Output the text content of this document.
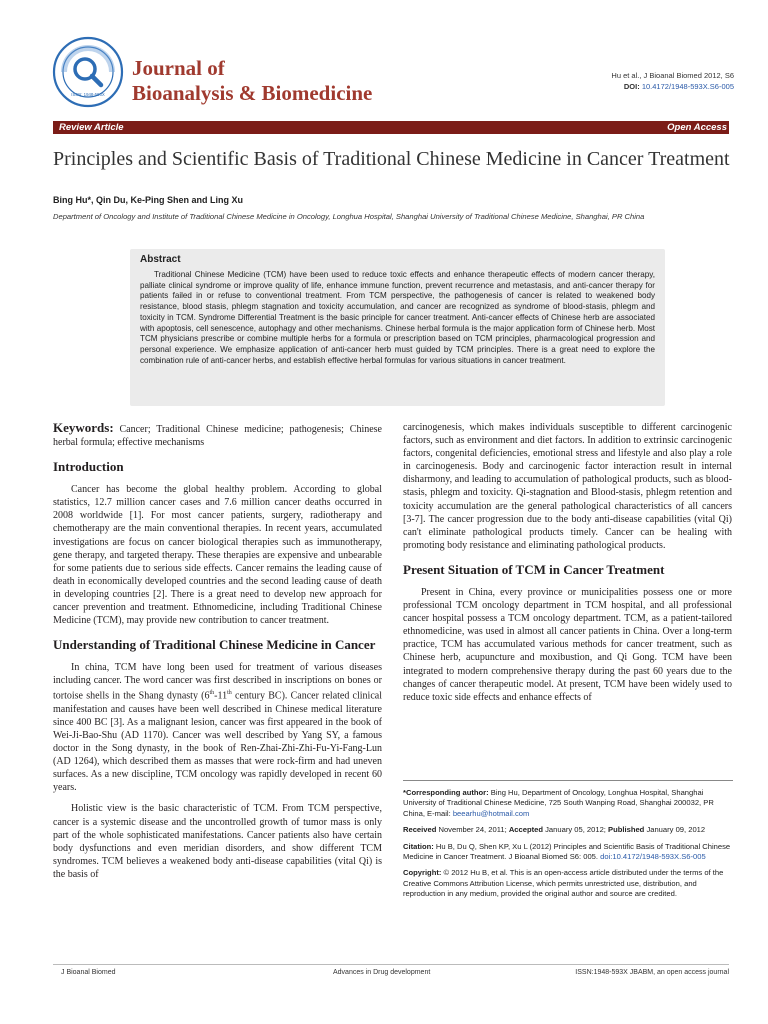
ISSN: 1948-593X
Journal of
Bioanalysis & Biomedicine
Hu et al., J Bioanal Biomed 2012, S6
DOI: 10.4172/1948-593X.S6-005
Review Article	Open Access
Principles and Scientific Basis of Traditional Chinese Medicine in Cancer Treatment
Bing Hu*, Qin Du, Ke-Ping Shen and Ling Xu
Department of Oncology and Institute of Traditional Chinese Medicine in Oncology, Longhua Hospital, Shanghai University of Traditional Chinese Medicine, Shanghai, PR China
Abstract

Traditional Chinese Medicine (TCM) have been used to reduce toxic effects and enhance therapeutic effects of modern cancer therapy, palliate clinical syndrome or improve quality of life, enhance immune function, prevent recurrence and metastasis, and anti-cancer therapy for patients failed in or refuse to conventional treatment. From TCM perspective, the pathogenesis of cancer is related to weakened body resistance, blood stasis, phlegm stagnation and toxicity accumulation, and cancer are recognized as syndrome of blood-stasis, phlegm and toxicity in TCM. Syndrome Differential Treatment is the basic principle for cancer treatment. Anti-cancer effects of Chinese herb are associated with apoptosis, cell senescence, autophagy and other mechanisms. Chinese herbal formula is the major application form of Chinese herb. Most TCM physicians prescribe or combine multiple herbs for a formula or prescription based on TCM principles, pharmacological progression and personal experience. We emphasize application of anti-cancer herb must guided by TCM principles. There is a great need to explore the combination rule of anti-cancer herbs, and establish effective herbal formulas for various situations in cancer treatment.

Keywords: Cancer; Traditional Chinese medicine; pathogenesis; Chinese herbal formula; effective mechanisms

Introduction

Cancer has become the global healthy problem. According to global statistics, 12.7 million cancer cases and 7.6 million cancer deaths occurred in 2008 worldwide [1]. For most cancer patients, surgery, radiotherapy and chemotherapy are the main conventional therapies. In recent years, accumulated investigations are focus on cancer biological therapies such as immunotherapy, gene therapy, and targeted therapy. These therapies are expensive and unbearable for some patients due to serious side effects. Cancer remains the leading cause of death in economically developed countries and the second leading cause of death in developing countries [2]. There is a great need to develop new approach for cancer prevention and treatment. Ethnomedicine, including Traditional Chinese Medicine (TCM), may provide new contribution to cancer treatment.

Understanding of Traditional Chinese Medicine in Cancer

In china, TCM have long been used for treatment of various diseases including cancer. The word cancer was first described in inscriptions on bones or tortoise shells in the Shang dynasty (6th-11th century BC). Cancer related clinical manifestation and causes have been well described in Chinese medical literature since 400 BC [3]. As a malignant lesion, cancer was first appeared in the book of Wei-Ji-Bao-Shu (AD 1170). Cancer was well described by Yang SY, a famous doctor in the Song dynasty, in the book of Ren-Zhai-Zhi-Zhi-Fu-Yi-Fang-Lun (AD 1264), which described them as masses that were rock-firm and had uneven surfaces. As a new discipline, TCM oncology was rapidly developed in recent 60 years.

Holistic view is the basic characteristic of TCM. From TCM perspective, cancer is a systemic disease and the uncontrolled growth of tumor mass is only part of the whole sophisticated manifestations. Cancer patients also have certain body dysfunctions and even meridian disorders, and show different TCM syndromes. TCM believes a weakened body anti-disease capabilities (vital Qi) is the basis of

carcinogenesis, which makes individuals susceptible to different carcinogenic factors, such as environment and diet factors. In addition to extrinsic carcinogenic factors, congenital deficiencies, emotional stress and lifestyle and also play a role in carcinogenesis. Body and carcinogenic factor interaction result in internal disharmony, and leading to accumulation of pathological products, such as blood-stasis, phlegm and toxicity. Qi-stagnation and Blood-stasis, phlegm retention and toxicity accumulation are the general pathological characteristics of all cancers [3-7]. The cancer progression due to the body anti-disease capabilities (vital Qi) can't eliminate pathological products timely. Cancer can be healing with promoting body resistance and eliminating pathological products.

Present Situation of TCM in Cancer Treatment

Present in China, every province or municipalities possess one or more professional TCM oncology department in TCM hospital, and all professional cancer hospital possess a TCM oncology department. TCM, as a patient-tailored ethnomedicine, was used in almost all cancer patients in China. Over a long-term practice, TCM has accumulated various methods for cancer treatment, such as Chinese herb, acupuncture and moxibustion, and Qi Gong. TCM have been integrated to modern comprehensive therapy during the past 60 years due to the changes of cancer therapeutic model. At present, TCM have been widely used to reduce toxic side effects and enhance effects of

*Corresponding author: Bing Hu, Department of Oncology, Longhua Hospital, Shanghai University of Traditional Chinese Medicine, 725 South Wanping Road, Shanghai 200032, PR China, E-mail: beearhu@hotmail.com

Received November 24, 2011; Accepted January 05, 2012; Published January 09, 2012

Citation: Hu B, Du Q, Shen KP, Xu L (2012) Principles and Scientific Basis of Traditional Chinese Medicine in Cancer Treatment. J Bioanal Biomed S6: 005. doi:10.4172/1948-593X.S6-005

Copyright: © 2012 Hu B, et al. This is an open-access article distributed under the terms of the Creative Commons Attribution License, which permits unrestricted use, distribution, and reproduction in any medium, provided the original author and source are credited.

J Bioanal Biomed	Advances in Drug development	ISSN:1948-593X JBABM, an open access journal
